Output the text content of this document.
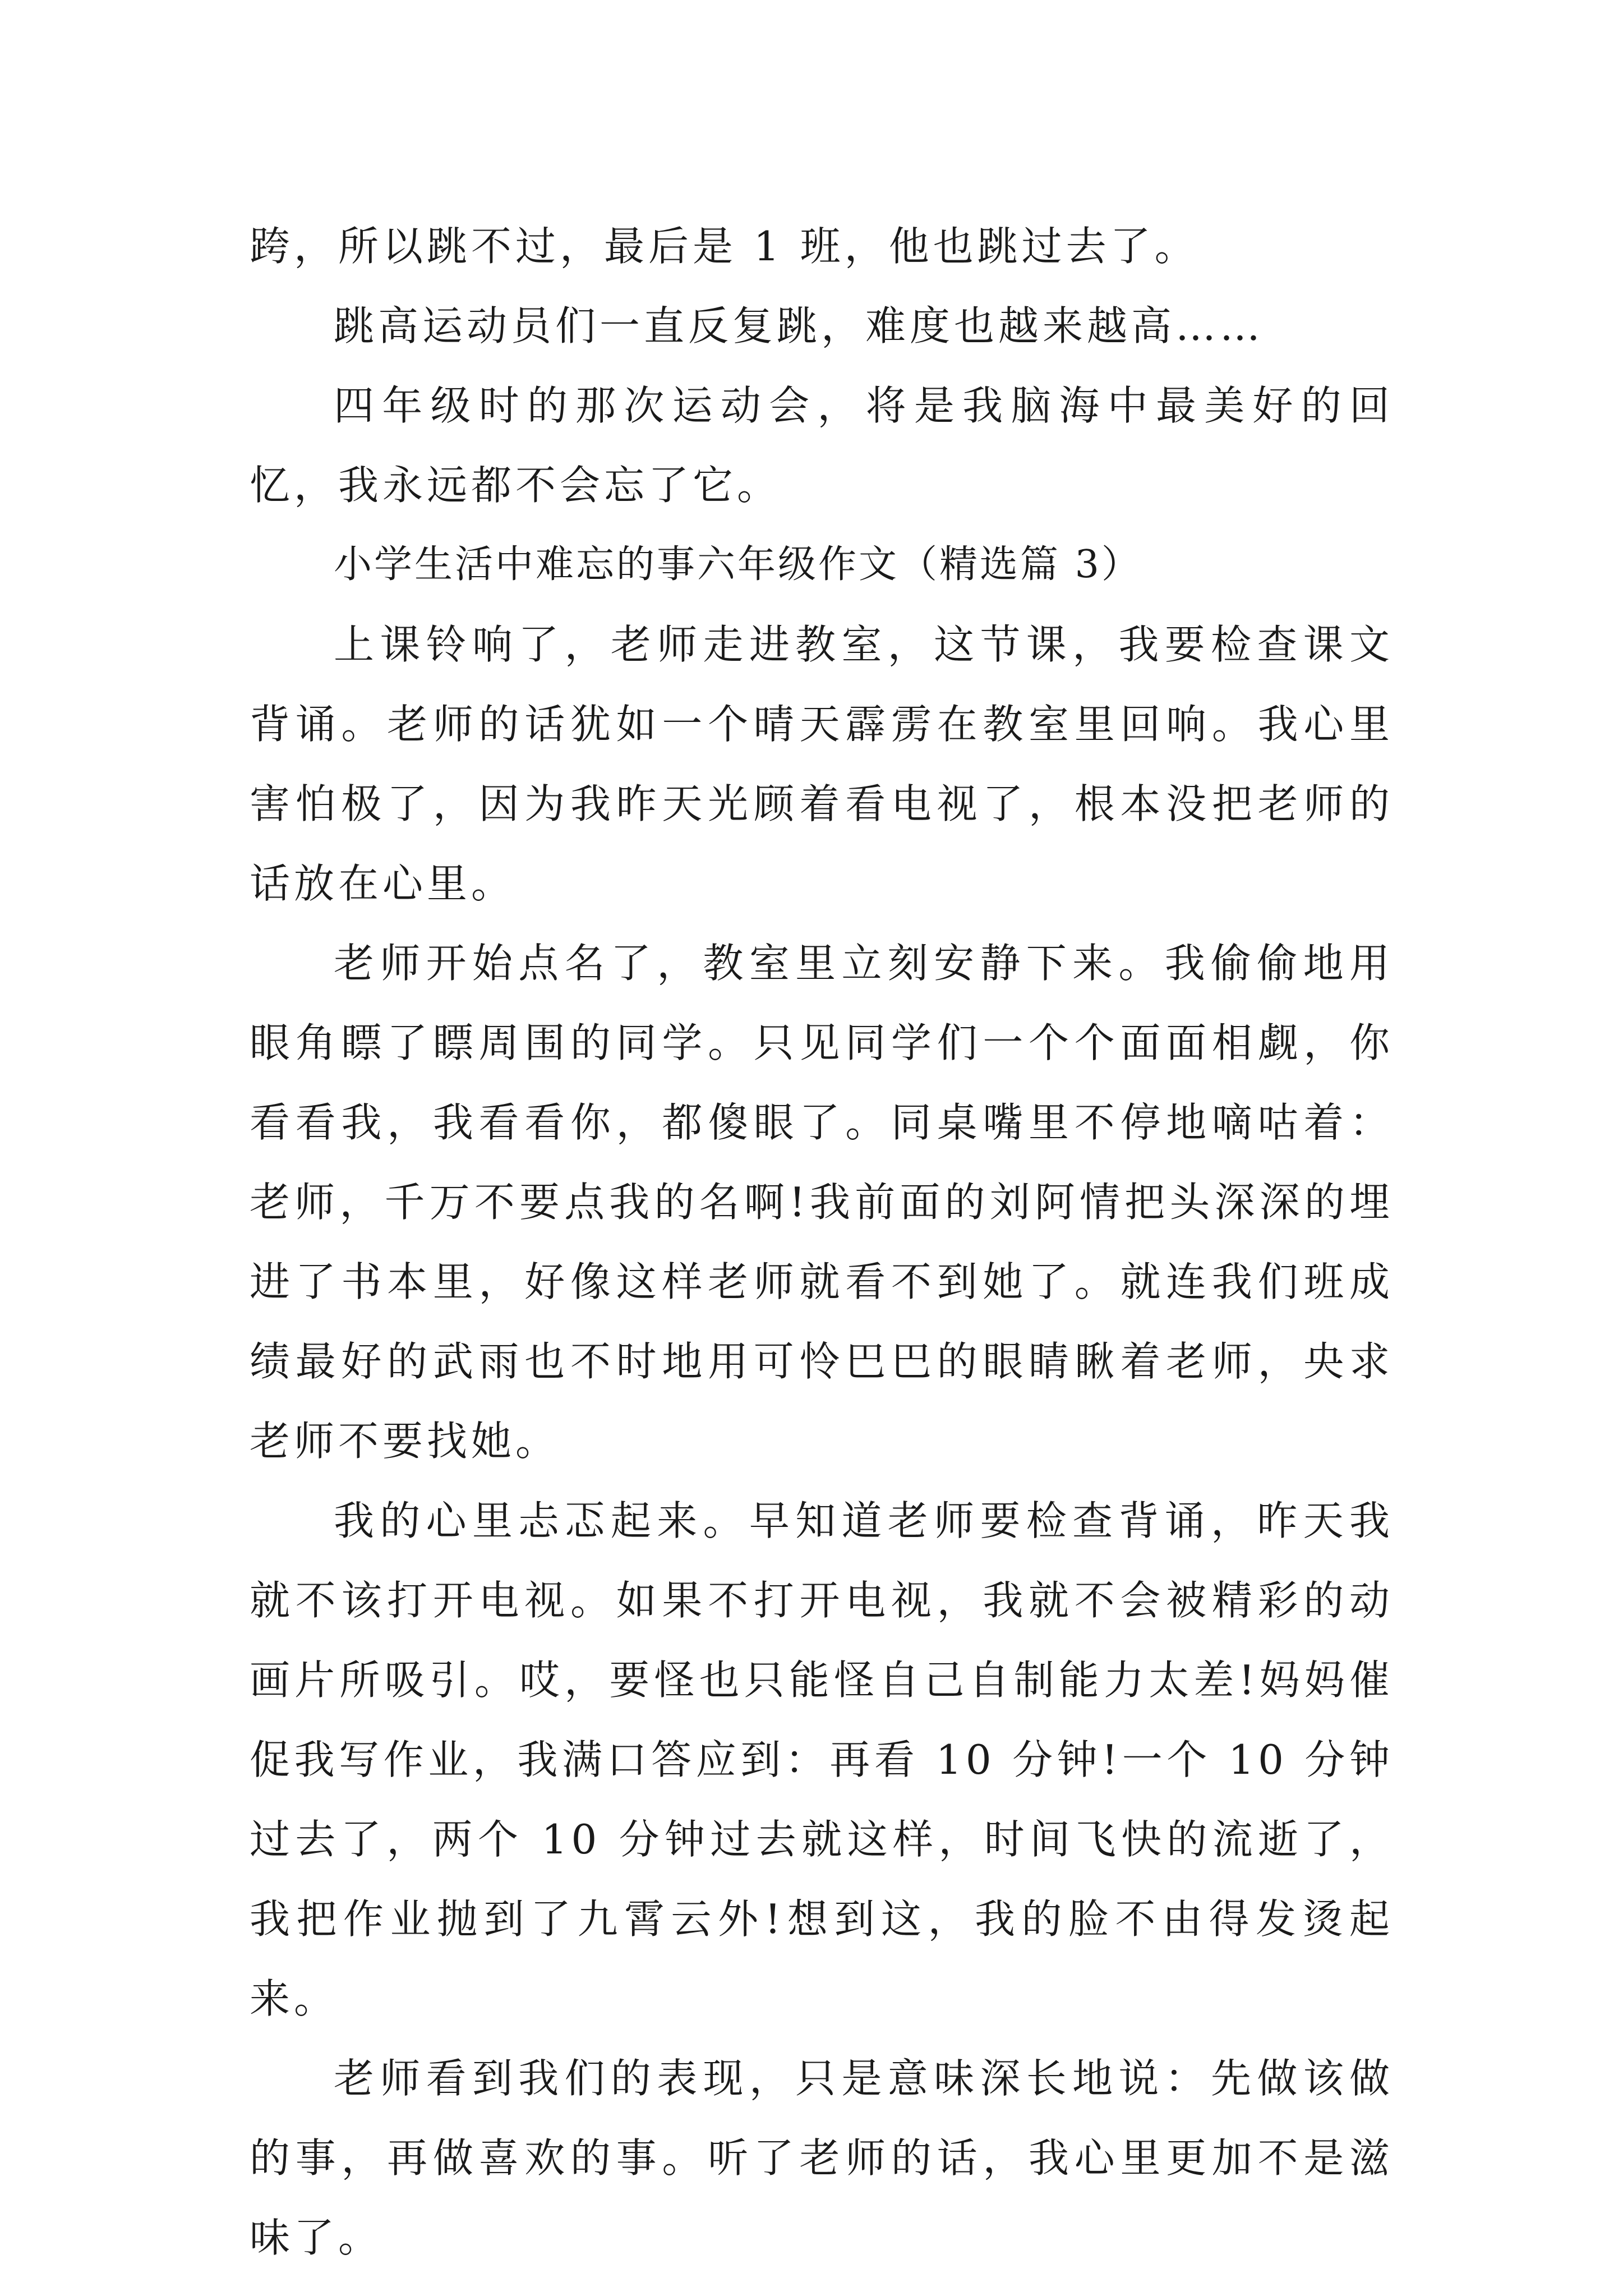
跨，所以跳不过，最后是 1 班，他也跳过去了。

跳高运动员们一直反复跳，难度也越来越高……

四年级时的那次运动会，将是我脑海中最美好的回忆，我永远都不会忘了它。

小学生活中难忘的事六年级作文（精选篇 3）

上课铃响了，老师走进教室，这节课，我要检查课文背诵。老师的话犹如一个晴天霹雳在教室里回响。我心里害怕极了，因为我昨天光顾着看电视了，根本没把老师的话放在心里。

老师开始点名了，教室里立刻安静下来。我偷偷地用眼角瞟了瞟周围的同学。只见同学们一个个面面相觑，你看看我，我看看你，都傻眼了。同桌嘴里不停地嘀咕着：老师，千万不要点我的名啊!我前面的刘阿情把头深深的埋进了书本里，好像这样老师就看不到她了。就连我们班成绩最好的武雨也不时地用可怜巴巴的眼睛瞅着老师，央求老师不要找她。

我的心里忐忑起来。早知道老师要检查背诵，昨天我就不该打开电视。如果不打开电视，我就不会被精彩的动画片所吸引。哎，要怪也只能怪自己自制能力太差!妈妈催促我写作业，我满口答应到：再看 10 分钟!一个 10 分钟过去了，两个 10 分钟过去就这样，时间飞快的流逝了，我把作业抛到了九霄云外!想到这，我的脸不由得发烫起来。

老师看到我们的表现，只是意味深长地说：先做该做的事，再做喜欢的事。听了老师的话，我心里更加不是滋味了。
